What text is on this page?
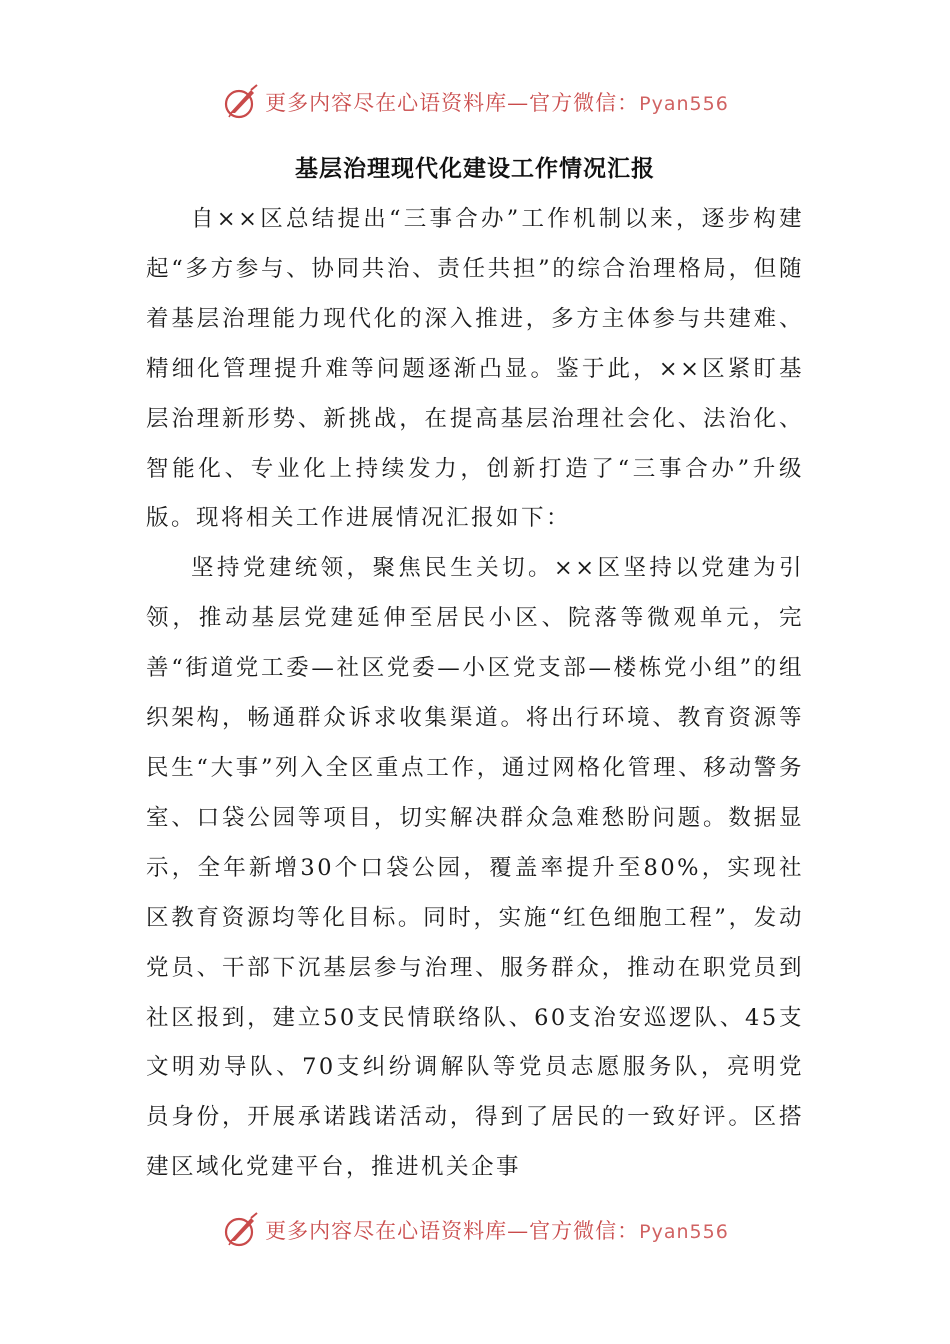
更多内容尽在心语资料库—官方微信：Pyan556
基层治理现代化建设工作情况汇报

自××区总结提出“三事合办”工作机制以来，逐步构建起“多方参与、协同共治、责任共担”的综合治理格局，但随着基层治理能力现代化的深入推进，多方主体参与共建难、精细化管理提升难等问题逐渐凸显。鉴于此，××区紧盯基层治理新形势、新挑战，在提高基层治理社会化、法治化、智能化、专业化上持续发力，创新打造了“三事合办”升级版。现将相关工作进展情况汇报如下：

坚持党建统领，聚焦民生关切。××区坚持以党建为引领，推动基层党建延伸至居民小区、院落等微观单元，完善“街道党工委—社区党委—小区党支部—楼栋党小组”的组织架构，畅通群众诉求收集渠道。将出行环境、教育资源等民生“大事”列入全区重点工作，通过网格化管理、移动警务室、口袋公园等项目，切实解决群众急难愁盼问题。数据显示，全年新增30个口袋公园，覆盖率提升至80%，实现社区教育资源均等化目标。同时，实施“红色细胞工程”，发动党员、干部下沉基层参与治理、服务群众，推动在职党员到社区报到，建立50支民情联络队、60支治安巡逻队、45支文明劝导队、70支纠纷调解队等党员志愿服务队，亮明党员身份，开展承诺践诺活动，得到了居民的一致好评。区搭建区域化党建平台，推进机关企事

更多内容尽在心语资料库—官方微信：Pyan556
